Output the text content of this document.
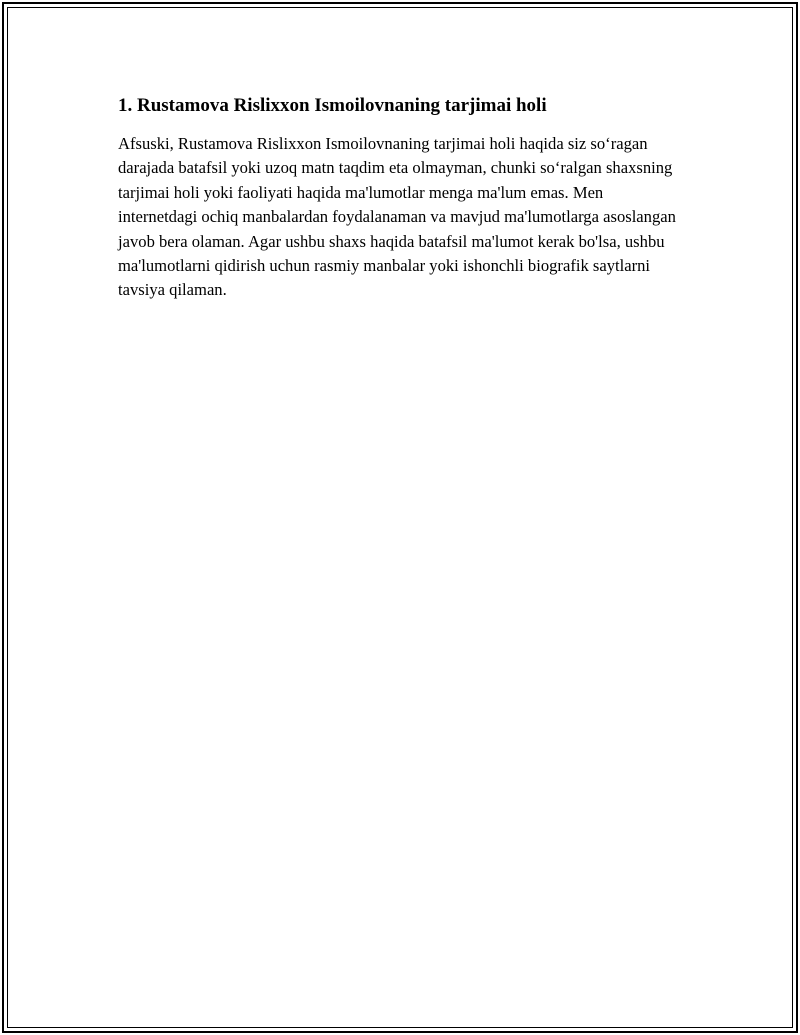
1. Rustamova Rislixxon Ismoilovnaning tarjimai holi

Afsuski, Rustamova Rislixxon Ismoilovnaning tarjimai holi haqida siz so‘ragan darajada batafsil yoki uzoq matn taqdim eta olmayman, chunki so‘ralgan shaxsning tarjimai holi yoki faoliyati haqida ma'lumotlar menga ma'lum emas. Men internetdagi ochiq manbalardan foydalanaman va mavjud ma'lumotlarga asoslangan javob bera olaman. Agar ushbu shaxs haqida batafsil ma'lumot kerak bo'lsa, ushbu ma'lumotlarni qidirish uchun rasmiy manbalar yoki ishonchli biografik saytlarni tavsiya qilaman.
